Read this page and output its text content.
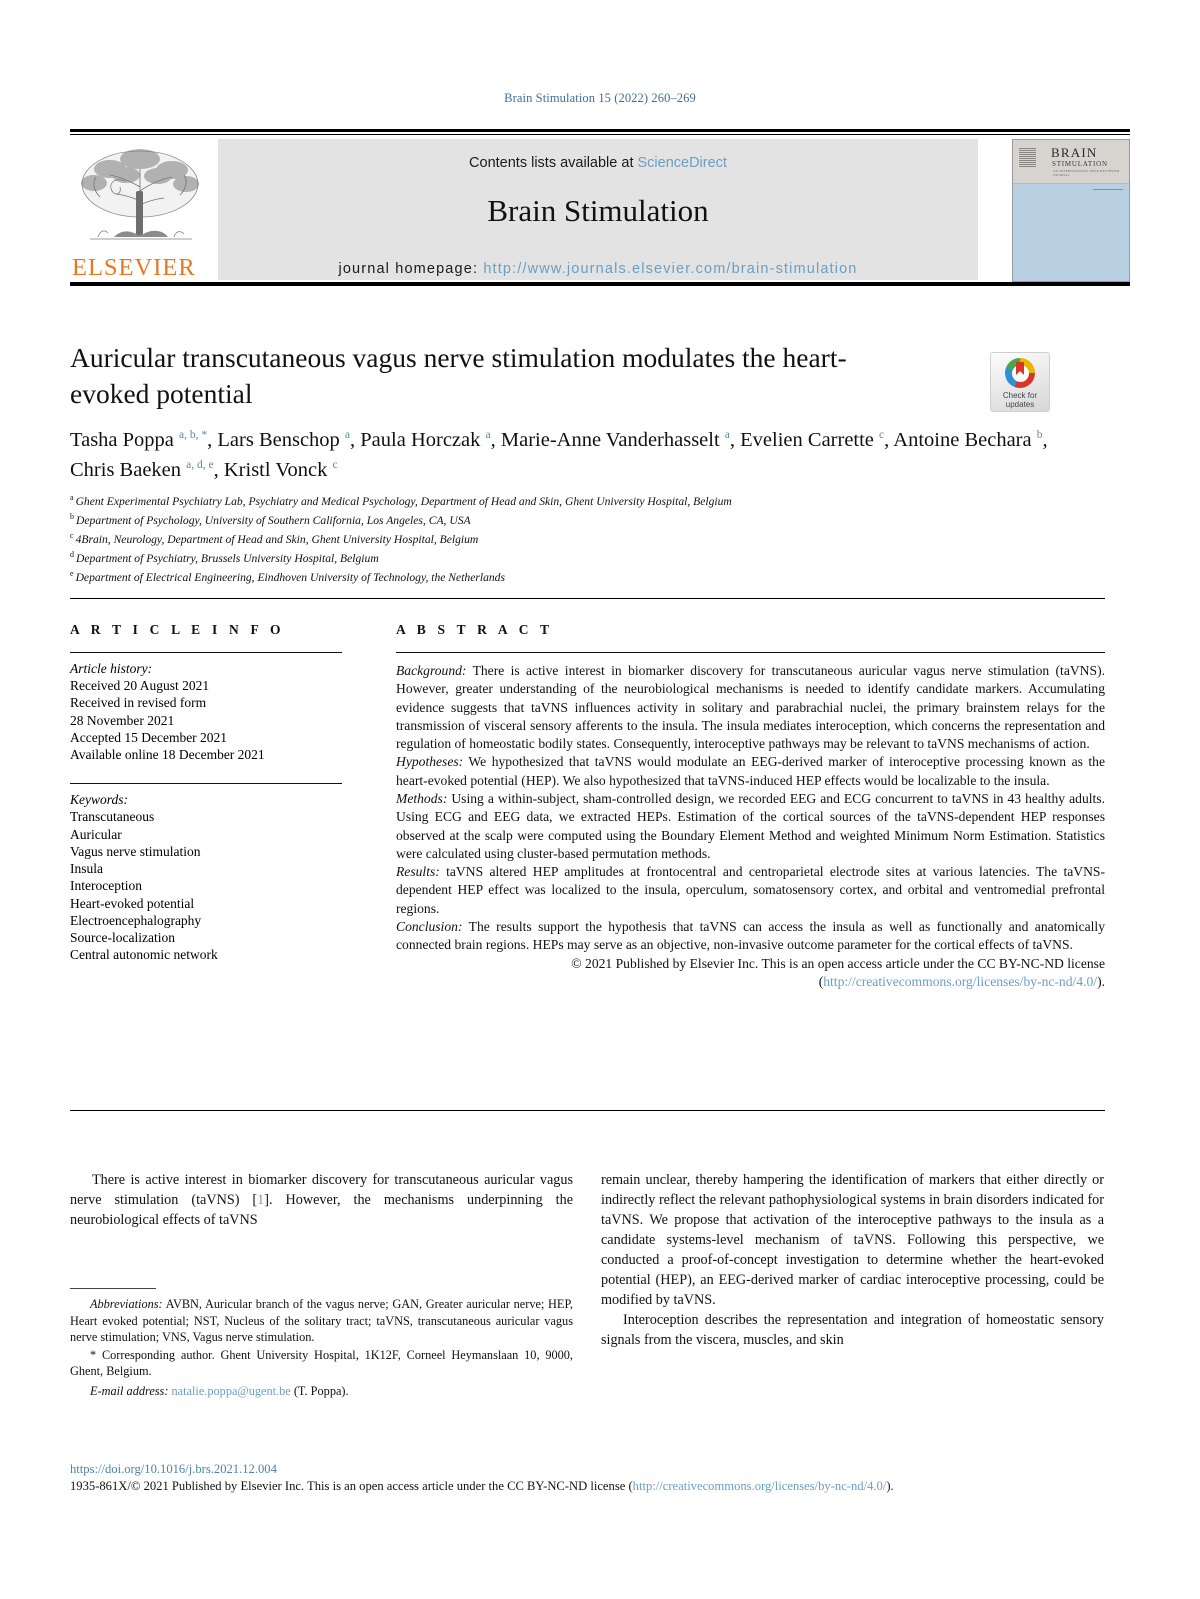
Brain Stimulation 15 (2022) 260–269
ELSEVIER
Contents lists available at ScienceDirect
Brain Stimulation
journal homepage: http://www.journals.elsevier.com/brain-stimulation
BRAIN
STIMULATION
AN INTERNATIONAL PEER REVIEWED JOURNAL
Auricular transcutaneous vagus nerve stimulation modulates the heart-evoked potential	Check for
updates
Tasha Poppa $^{a, b, *}$, Lars Benschop $^a$, Paula Horczak $^a$, Marie-Anne Vanderhasselt $^a$, Evelien Carrette $^c$, Antoine Bechara $^b$, Chris Baeken $^{a, d, e}$, Kristl Vonck $^c$
$^a$ Ghent Experimental Psychiatry Lab, Psychiatry and Medical Psychology, Department of Head and Skin, Ghent University Hospital, Belgium
$^b$ Department of Psychology, University of Southern California, Los Angeles, CA, USA
$^c$ 4Brain, Neurology, Department of Head and Skin, Ghent University Hospital, Belgium
$^d$ Department of Psychiatry, Brussels University Hospital, Belgium
$^e$ Department of Electrical Engineering, Eindhoven University of Technology, the Netherlands
A R T I C L E I N F O
Article history:
Received 20 August 2021
Received in revised form
28 November 2021
Accepted 15 December 2021
Available online 18 December 2021
Keywords:
Transcutaneous
Auricular
Vagus nerve stimulation
Insula
Interoception
Heart-evoked potential
Electroencephalography
Source-localization
Central autonomic network
A B S T R A C T

Background: There is active interest in biomarker discovery for transcutaneous auricular vagus nerve stimulation (taVNS). However, greater understanding of the neurobiological mechanisms is needed to identify candidate markers. Accumulating evidence suggests that taVNS influences activity in solitary and parabrachial nuclei, the primary brainstem relays for the transmission of visceral sensory afferents to the insula. The insula mediates interoception, which concerns the representation and regulation of homeostatic bodily states. Consequently, interoceptive pathways may be relevant to taVNS mechanisms of action.

Hypotheses: We hypothesized that taVNS would modulate an EEG-derived marker of interoceptive processing known as the heart-evoked potential (HEP). We also hypothesized that taVNS-induced HEP effects would be localizable to the insula.

Methods: Using a within-subject, sham-controlled design, we recorded EEG and ECG concurrent to taVNS in 43 healthy adults. Using ECG and EEG data, we extracted HEPs. Estimation of the cortical sources of the taVNS-dependent HEP responses observed at the scalp were computed using the Boundary Element Method and weighted Minimum Norm Estimation. Statistics were calculated using cluster-based permutation methods.

Results: taVNS altered HEP amplitudes at frontocentral and centroparietal electrode sites at various latencies. The taVNS-dependent HEP effect was localized to the insula, operculum, somatosensory cortex, and orbital and ventromedial prefrontal regions.

Conclusion: The results support the hypothesis that taVNS can access the insula as well as functionally and anatomically connected brain regions. HEPs may serve as an objective, non-invasive outcome parameter for the cortical effects of taVNS.

© 2021 Published by Elsevier Inc. This is an open access article under the CC BY-NC-ND license (http://creativecommons.org/licenses/by-nc-nd/4.0/).

There is active interest in biomarker discovery for transcutaneous auricular vagus nerve stimulation (taVNS) [1]. However, the mechanisms underpinning the neurobiological effects of taVNS

remain unclear, thereby hampering the identification of markers that either directly or indirectly reflect the relevant pathophysiological systems in brain disorders indicated for taVNS. We propose that activation of the interoceptive pathways to the insula as a candidate systems-level mechanism of taVNS. Following this perspective, we conducted a proof-of-concept investigation to determine whether the heart-evoked potential (HEP), an EEG-derived marker of cardiac interoceptive processing, could be modified by taVNS.

Interoception describes the representation and integration of homeostatic sensory signals from the viscera, muscles, and skin

Abbreviations: AVBN, Auricular branch of the vagus nerve; GAN, Greater auricular nerve; HEP, Heart evoked potential; NST, Nucleus of the solitary tract; taVNS, transcutaneous auricular vagus nerve stimulation; VNS, Vagus nerve stimulation.

* Corresponding author. Ghent University Hospital, 1K12F, Corneel Heymanslaan 10, 9000, Ghent, Belgium.

E-mail address: natalie.poppa@ugent.be (T. Poppa).

https://doi.org/10.1016/j.brs.2021.12.004
1935-861X/© 2021 Published by Elsevier Inc. This is an open access article under the CC BY-NC-ND license (http://creativecommons.org/licenses/by-nc-nd/4.0/).
